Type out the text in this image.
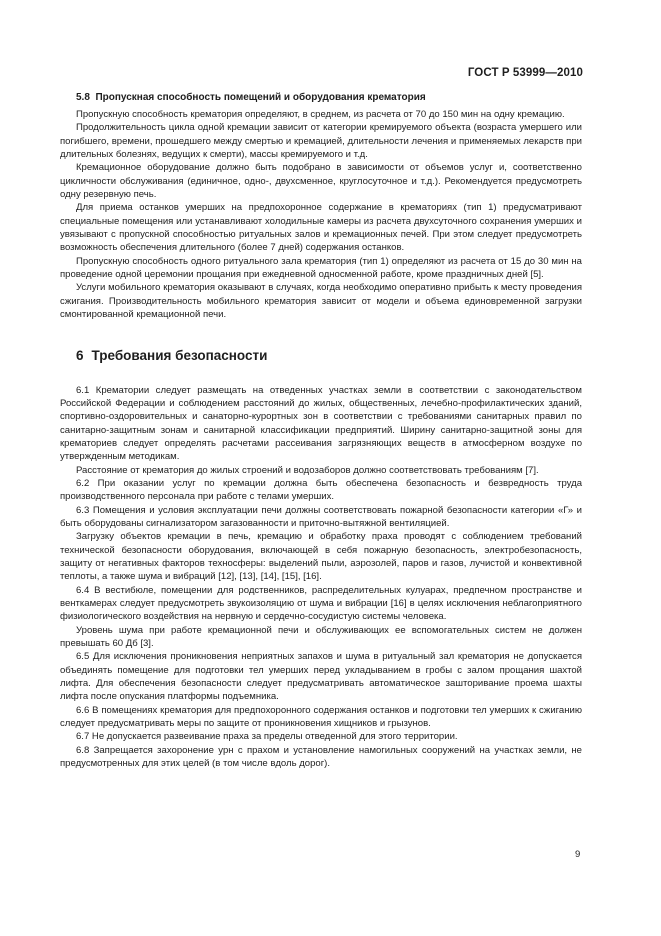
ГОСТ Р 53999—2010
5.8 Пропускная способность помещений и оборудования крематория

Пропускную способность крематория определяют, в среднем, из расчета от 70 до 150 мин на одну кремацию.

Продолжительность цикла одной кремации зависит от категории кремируемого объекта (возраста умершего или погибшего, времени, прошедшего между смертью и кремацией, длительности лечения и применяемых лекарств при длительных болезнях, ведущих к смерти), массы кремируемого и т.д.

Кремационное оборудование должно быть подобрано в зависимости от объемов услуг и, соответственно цикличности обслуживания (единичное, одно-, двухсменное, круглосуточное и т.д.). Рекомендуется предусмотреть одну резервную печь.

Для приема останков умерших на предпохоронное содержание в крематориях (тип 1) предусматривают специальные помещения или устанавливают холодильные камеры из расчета двухсуточного сохранения умерших и увязывают с пропускной способностью ритуальных залов и кремационных печей. При этом следует предусмотреть возможность обеспечения длительного (более 7 дней) содержания останков.

Пропускную способность одного ритуального зала крематория (тип 1) определяют из расчета от 15 до 30 мин на проведение одной церемонии прощания при ежедневной односменной работе, кроме праздничных дней [5].

Услуги мобильного крематория оказывают в случаях, когда необходимо оперативно прибыть к месту проведения сжигания. Производительность мобильного крематория зависит от модели и объема единовременной загрузки смонтированной кремационной печи.

6 Требования безопасности

6.1 Крематории следует размещать на отведенных участках земли в соответствии с законодательством Российской Федерации и соблюдением расстояний до жилых, общественных, лечебно-профилактических зданий, спортивно-оздоровительных и санаторно-курортных зон в соответствии с требованиями санитарных правил по санитарно-защитным зонам и санитарной классификации предприятий. Ширину санитарно-защитной зоны для крематориев следует определять расчетами рассеивания загрязняющих веществ в атмосферном воздухе по утвержденным методикам.

Расстояние от крематория до жилых строений и водозаборов должно соответствовать требованиям [7].

6.2 При оказании услуг по кремации должна быть обеспечена безопасность и безвредность труда производственного персонала при работе с телами умерших.

6.3 Помещения и условия эксплуатации печи должны соответствовать пожарной безопасности категории «Г» и быть оборудованы сигнализатором загазованности и приточно-вытяжной вентиляцией.

Загрузку объектов кремации в печь, кремацию и обработку праха проводят с соблюдением требований технической безопасности оборудования, включающей в себя пожарную безопасность, электробезопасность, защиту от негативных факторов техносферы: выделений пыли, аэрозолей, паров и газов, лучистой и конвективной теплоты, а также шума и вибраций [12], [13], [14], [15], [16].

6.4 В вестибюле, помещении для родственников, распределительных кулуарах, предпечном пространстве и венткамерах следует предусмотреть звукоизоляцию от шума и вибрации [16] в целях исключения неблагоприятного физиологического воздействия на нервную и сердечно-сосудистую системы человека.

Уровень шума при работе кремационной печи и обслуживающих ее вспомогательных систем не должен превышать 60 Дб [3].

6.5 Для исключения проникновения неприятных запахов и шума в ритуальный зал крематория не допускается объединять помещение для подготовки тел умерших перед укладыванием в гробы с залом прощания шахтой лифта. Для обеспечения безопасности следует предусматривать автоматическое зашторивание проема шахты лифта после опускания платформы подъемника.

6.6 В помещениях крематория для предпохоронного содержания останков и подготовки тел умерших к сжиганию следует предусматривать меры по защите от проникновения хищников и грызунов.

6.7 Не допускается развеивание праха за пределы отведенной для этого территории.

6.8 Запрещается захоронение урн с прахом и установление намогильных сооружений на участках земли, не предусмотренных для этих целей (в том числе вдоль дорог).

9
